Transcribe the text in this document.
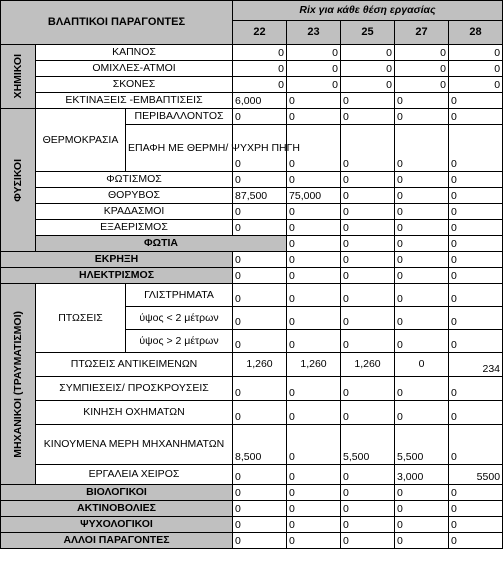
ΒΛΑΠΤΙΚΟΙ ΠΑΡΑΓΟΝΤΕΣ			Rix για κάθε θέση εργασίας					
			22	23	25	27	28	

ΧΗΜΙΚΟΙ	ΚΑΠΝΟΣ		0	0	0	0	0	
	ΟΜΙΧΛΕΣ-ΑΤΜΟΙ		0	0	0	0	0	
	ΣΚΟΝΕΣ		0	0	0	0	0	
	ΕΚΤΙΝΑΞΕΙΣ -ΕΜΒΑΠΤΙΣΕΙΣ		6,000	0	0	0	0	

ΦΥΣΙΚΟΙ	ΘΕΡΜΟΚΡΑΣΙΑ	ΠΕΡΙΒΑΛΛΟΝΤΟΣ	0	0	0	0	0	
		ΕΠΑΦΗ ΜΕ ΘΕΡΜΗ/ ΨΥΧΡΗ ΠΗΓΗ	0	0	0	0	0	
	ΦΩΤΙΣΜΟΣ		0	0	0	0	0	
	ΘΟΡΥΒΟΣ		87,500	75,000	0	0	0	
	ΚΡΑΔΑΣΜΟΙ		0	0	0	0	0	
	ΕΞΑΕΡΙΣΜΟΣ		0	0	0	0	0	
	ΦΩΤΙΑ			0	0	0	0	
ΕΚΡΗΞΗ			0	0	0	0	0	
ΗΛΕΚΤΡΙΣΜΟΣ			0	0	0	0	0	

ΜΗΧΑΝΙΚΟΙ (ΤΡΑΥΜΑΤΙΣΜΟΙ)	ΠΤΩΣΕΙΣ	ΓΛΙΣΤΡΗΜΑΤΑ	0	0	0	0	0	
		ύψος < 2 μέτρων	0	0	0	0	0	
		ύψος > 2 μέτρων	0	0	0	0	0	
	ΠΤΩΣΕΙΣ ΑΝΤΙΚΕΙΜΕΝΩΝ		1,260	1,260	1,260	0	234	
	ΣΥΜΠΙΕΣΕΙΣ/ ΠΡΟΣΚΡΟΥΣΕΙΣ		0	0	0	0	0	
	ΚΙΝΗΣΗ ΟΧΗΜΑΤΩΝ		0	0	0	0	0	
	ΚΙΝΟΥΜΕΝΑ ΜΕΡΗ ΜΗΧΑΝΗΜΑΤΩΝ		8,500	0	5,500	5,500	0	
	ΕΡΓΑΛΕΙΑ ΧΕΙΡΟΣ		0	0	0	3,000	5500	
ΒΙΟΛΟΓΙΚΟΙ			0	0	0	0	0	
ΑΚΤΙΝΟΒΟΛΙΕΣ			0	0	0	0	0	
ΨΥΧΟΛΟΓΙΚΟΙ			0	0	0	0	0	
ΑΛΛΟΙ ΠΑΡΑΓΟΝΤΕΣ			0	0	0	0	0	
